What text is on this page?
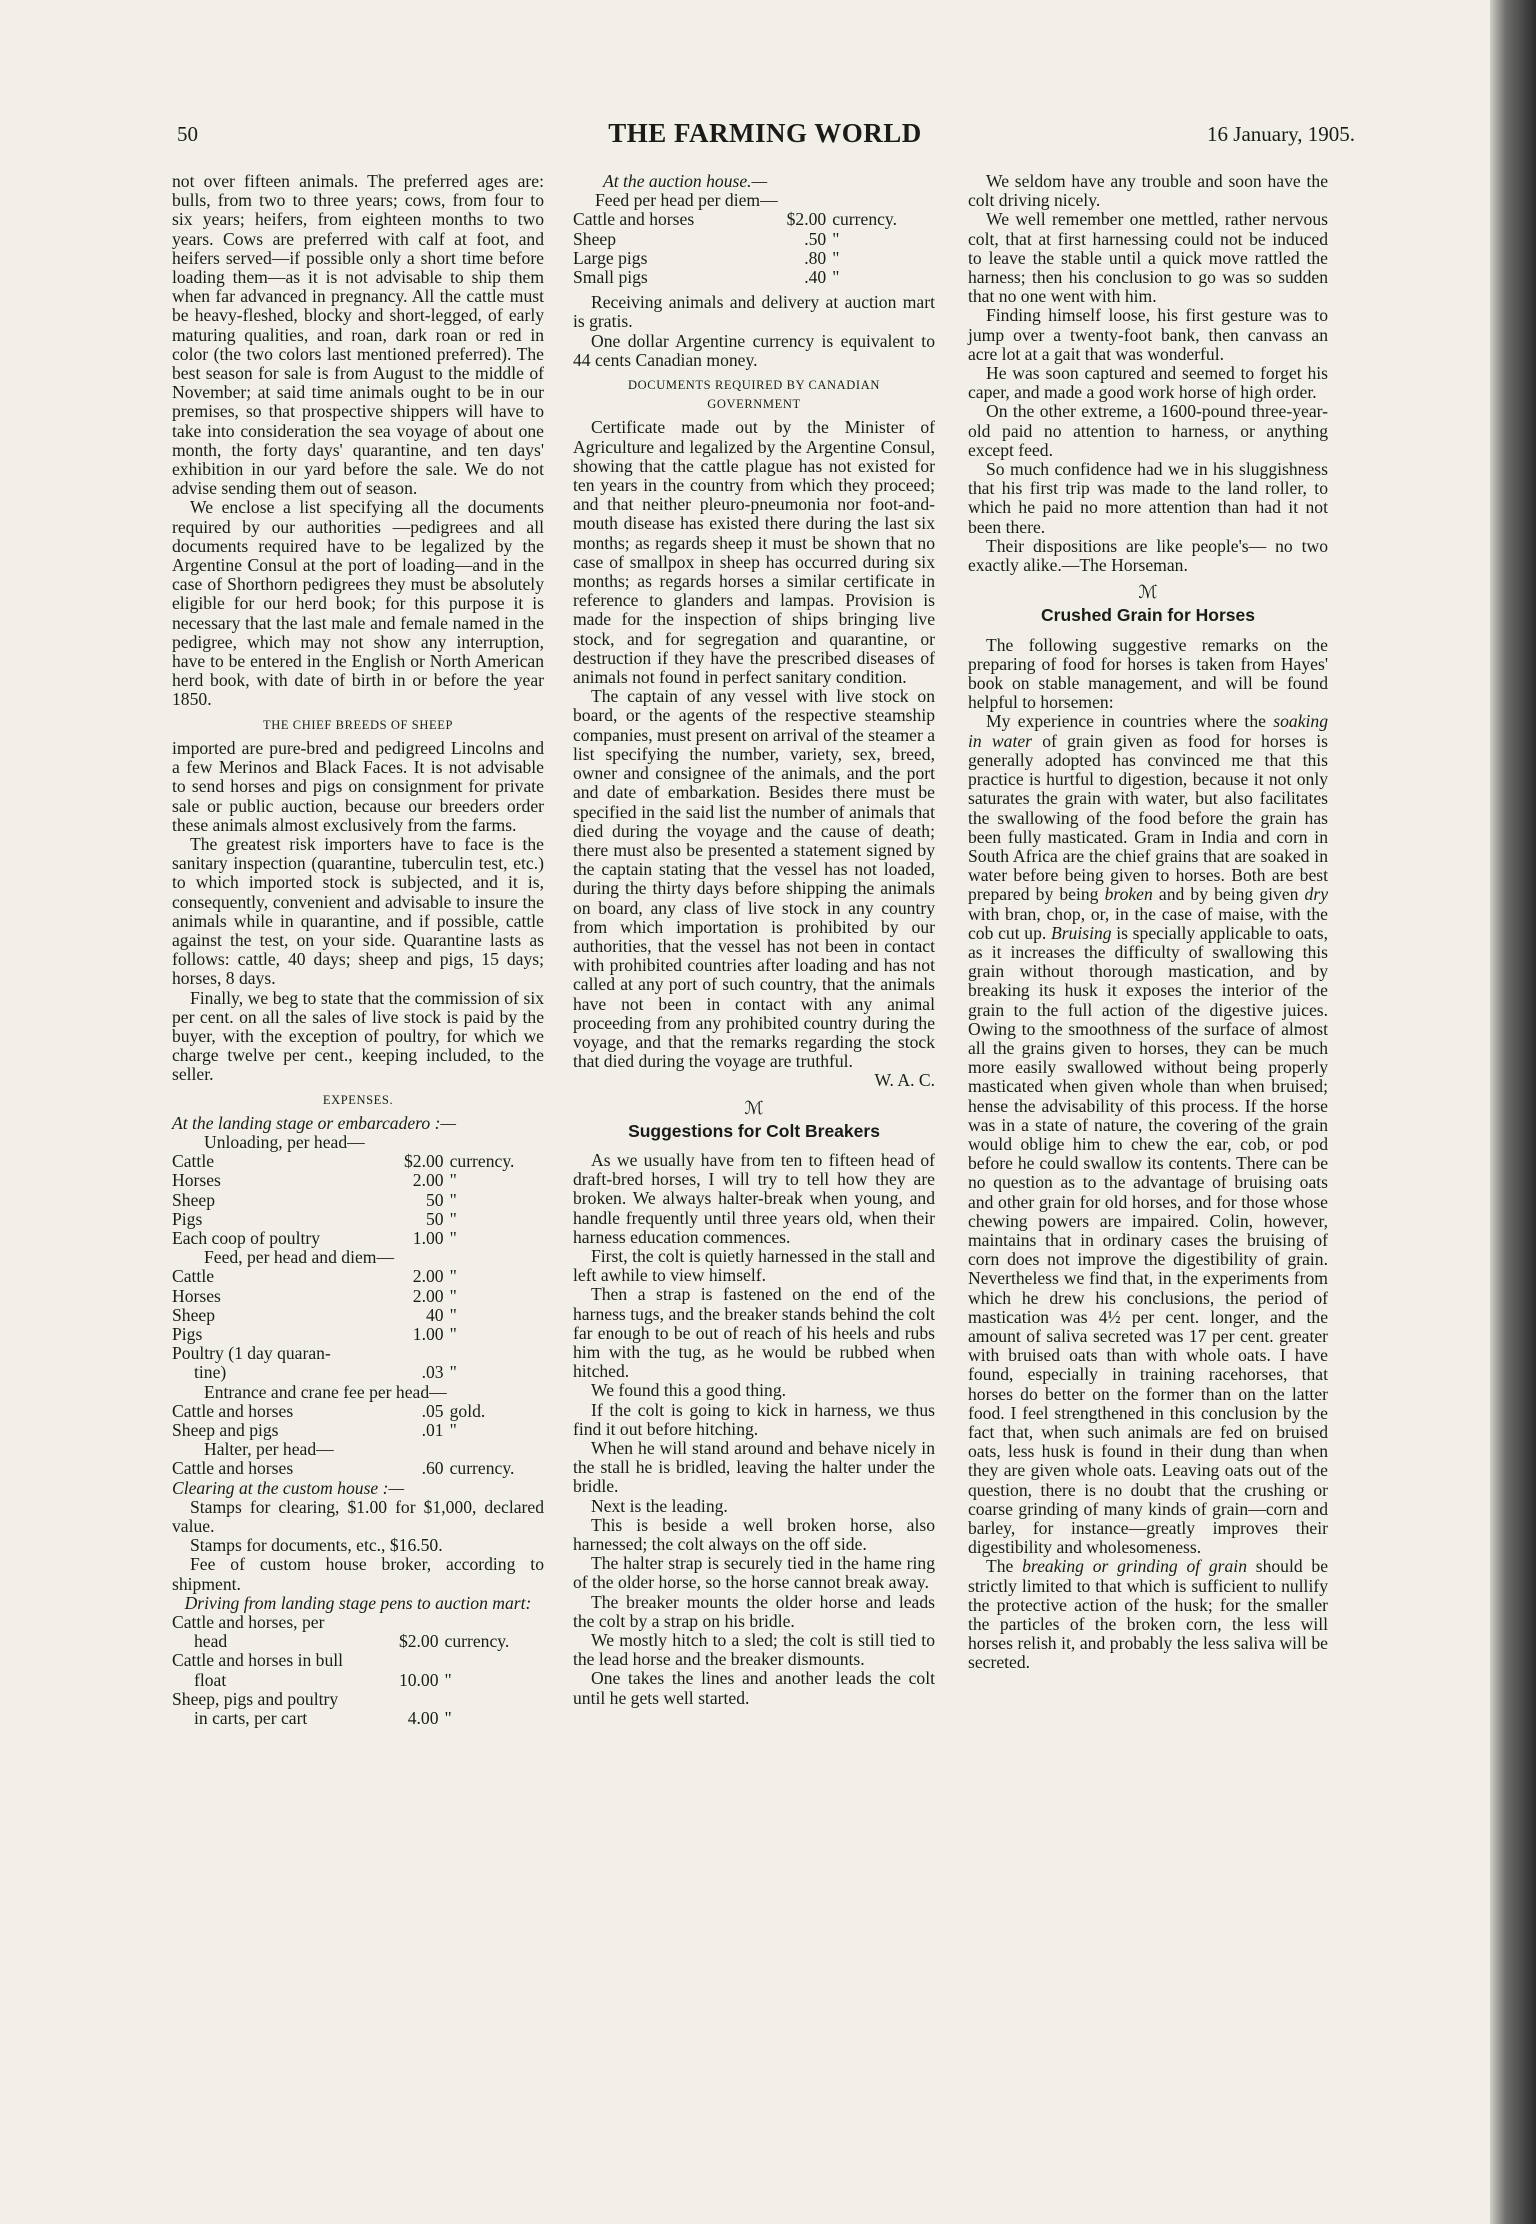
50	THE FARMING WORLD	16 January, 1905.

not over fifteen animals. The preferred ages are: bulls, from two to three years; cows, from four to six years; heifers, from eighteen months to two years. Cows are preferred with calf at foot, and heifers served—if possible only a short time before loading them—as it is not advisable to ship them when far advanced in pregnancy. All the cattle must be heavy-fleshed, blocky and short-legged, of early maturing qualities, and roan, dark roan or red in color (the two colors last mentioned preferred). The best season for sale is from August to the middle of November; at said time animals ought to be in our premises, so that prospective shippers will have to take into consideration the sea voyage of about one month, the forty days' quarantine, and ten days' exhibition in our yard before the sale. We do not advise sending them out of season.

We enclose a list specifying all the documents required by our authorities —pedigrees and all documents required have to be legalized by the Argentine Consul at the port of loading—and in the case of Shorthorn pedigrees they must be absolutely eligible for our herd book; for this purpose it is necessary that the last male and female named in the pedigree, which may not show any interruption, have to be entered in the English or North American herd book, with date of birth in or before the year 1850.

THE CHIEF BREEDS OF SHEEP

imported are pure-bred and pedigreed Lincolns and a few Merinos and Black Faces. It is not advisable to send horses and pigs on consignment for private sale or public auction, because our breeders order these animals almost exclusively from the farms.

The greatest risk importers have to face is the sanitary inspection (quarantine, tuberculin test, etc.) to which imported stock is subjected, and it is, consequently, convenient and advisable to insure the animals while in quarantine, and if possible, cattle against the test, on your side. Quarantine lasts as follows: cattle, 40 days; sheep and pigs, 15 days; horses, 8 days.

Finally, we beg to state that the commission of six per cent. on all the sales of live stock is paid by the buyer, with the exception of poultry, for which we charge twelve per cent., keeping included, to the seller.

EXPENSES.
At the landing stage or embarcadero :—
Unloading, per head—		
Cattle	$2.00	currency.
Horses	2.00	"
Sheep	50	"
Pigs	50	"
Each coop of poultry	1.00	"
Feed, per head and diem—		
Cattle	2.00	"
Horses	2.00	"
Sheep	40	"
Pigs	1.00	"
Poultry (1 day quaran-		
tine)	.03	"
Entrance and crane fee per head—		
Cattle and horses	.05	gold.
Sheep and pigs	.01	"
Halter, per head—		
Cattle and horses	.60	currency.
Clearing at the custom house :—

Stamps for clearing, $1.00 for $1,000, declared value.

Stamps for documents, etc., $16.50.

Fee of custom house broker, according to shipment.

Driving from landing stage pens to auction mart:
Cattle and horses, per		
head	$2.00	currency.
Cattle and horses in bull		
float	10.00	"
Sheep, pigs and poultry		
in carts, per cart	4.00	"
At the auction house.—
Feed per head per diem—		
Cattle and horses	$2.00	currency.
Sheep	.50	"
Large pigs	.80	"
Small pigs	.40	"

Receiving animals and delivery at auction mart is gratis.

One dollar Argentine currency is equivalent to 44 cents Canadian money.

DOCUMENTS REQUIRED BY CANADIAN
GOVERNMENT

Certificate made out by the Minister of Agriculture and legalized by the Argentine Consul, showing that the cattle plague has not existed for ten years in the country from which they proceed; and that neither pleuro-pneumonia nor foot-and-mouth disease has existed there during the last six months; as regards sheep it must be shown that no case of smallpox in sheep has occurred during six months; as regards horses a similar certificate in reference to glanders and lampas. Provision is made for the inspection of ships bringing live stock, and for segregation and quarantine, or destruction if they have the prescribed diseases of animals not found in perfect sanitary condition.

The captain of any vessel with live stock on board, or the agents of the respective steamship companies, must present on arrival of the steamer a list specifying the number, variety, sex, breed, owner and consignee of the animals, and the port and date of embarkation. Besides there must be specified in the said list the number of animals that died during the voyage and the cause of death; there must also be presented a statement signed by the captain stating that the vessel has not loaded, during the thirty days before shipping the animals on board, any class of live stock in any country from which importation is prohibited by our authorities, that the vessel has not been in contact with prohibited countries after loading and has not called at any port of such country, that the animals have not been in contact with any animal proceeding from any prohibited country during the voyage, and that the remarks regarding the stock that died during the voyage are truthful.

W. A. C.
ℳ
Suggestions for Colt Breakers

As we usually have from ten to fifteen head of draft-bred horses, I will try to tell how they are broken. We always halter-break when young, and handle frequently until three years old, when their harness education commences.

First, the colt is quietly harnessed in the stall and left awhile to view himself.

Then a strap is fastened on the end of the harness tugs, and the breaker stands behind the colt far enough to be out of reach of his heels and rubs him with the tug, as he would be rubbed when hitched.

We found this a good thing.

If the colt is going to kick in harness, we thus find it out before hitching.

When he will stand around and behave nicely in the stall he is bridled, leaving the halter under the bridle.

Next is the leading.

This is beside a well broken horse, also harnessed; the colt always on the off side.

The halter strap is securely tied in the hame ring of the older horse, so the horse cannot break away.

The breaker mounts the older horse and leads the colt by a strap on his bridle.

We mostly hitch to a sled; the colt is still tied to the lead horse and the breaker dismounts.

One takes the lines and another leads the colt until he gets well started.

We seldom have any trouble and soon have the colt driving nicely.

We well remember one mettled, rather nervous colt, that at first harnessing could not be induced to leave the stable until a quick move rattled the harness; then his conclusion to go was so sudden that no one went with him.

Finding himself loose, his first gesture was to jump over a twenty-foot bank, then canvass an acre lot at a gait that was wonderful.

He was soon captured and seemed to forget his caper, and made a good work horse of high order.

On the other extreme, a 1600-pound three-year-old paid no attention to harness, or anything except feed.

So much confidence had we in his sluggishness that his first trip was made to the land roller, to which he paid no more attention than had it not been there.

Their dispositions are like people's— no two exactly alike.—The Horseman.

ℳ
Crushed Grain for Horses

The following suggestive remarks on the preparing of food for horses is taken from Hayes' book on stable management, and will be found helpful to horsemen:

My experience in countries where the soaking in water of grain given as food for horses is generally adopted has convinced me that this practice is hurtful to digestion, because it not only saturates the grain with water, but also facilitates the swallowing of the food before the grain has been fully masticated. Gram in India and corn in South Africa are the chief grains that are soaked in water before being given to horses. Both are best prepared by being broken and by being given dry with bran, chop, or, in the case of maise, with the cob cut up. Bruising is specially applicable to oats, as it increases the difficulty of swallowing this grain without thorough mastication, and by breaking its husk it exposes the interior of the grain to the full action of the digestive juices. Owing to the smoothness of the surface of almost all the grains given to horses, they can be much more easily swallowed without being properly masticated when given whole than when bruised; hense the advisability of this process. If the horse was in a state of nature, the covering of the grain would oblige him to chew the ear, cob, or pod before he could swallow its contents. There can be no question as to the advantage of bruising oats and other grain for old horses, and for those whose chewing powers are impaired. Colin, however, maintains that in ordinary cases the bruising of corn does not improve the digestibility of grain. Nevertheless we find that, in the experiments from which he drew his conclusions, the period of mastication was 4½ per cent. longer, and the amount of saliva secreted was 17 per cent. greater with bruised oats than with whole oats. I have found, especially in training racehorses, that horses do better on the former than on the latter food. I feel strengthened in this conclusion by the fact that, when such animals are fed on bruised oats, less husk is found in their dung than when they are given whole oats. Leaving oats out of the question, there is no doubt that the crushing or coarse grinding of many kinds of grain—corn and barley, for instance—greatly improves their digestibility and wholesomeness.

The breaking or grinding of grain should be strictly limited to that which is sufficient to nullify the protective action of the husk; for the smaller the particles of the broken corn, the less will horses relish it, and probably the less saliva will be secreted.
